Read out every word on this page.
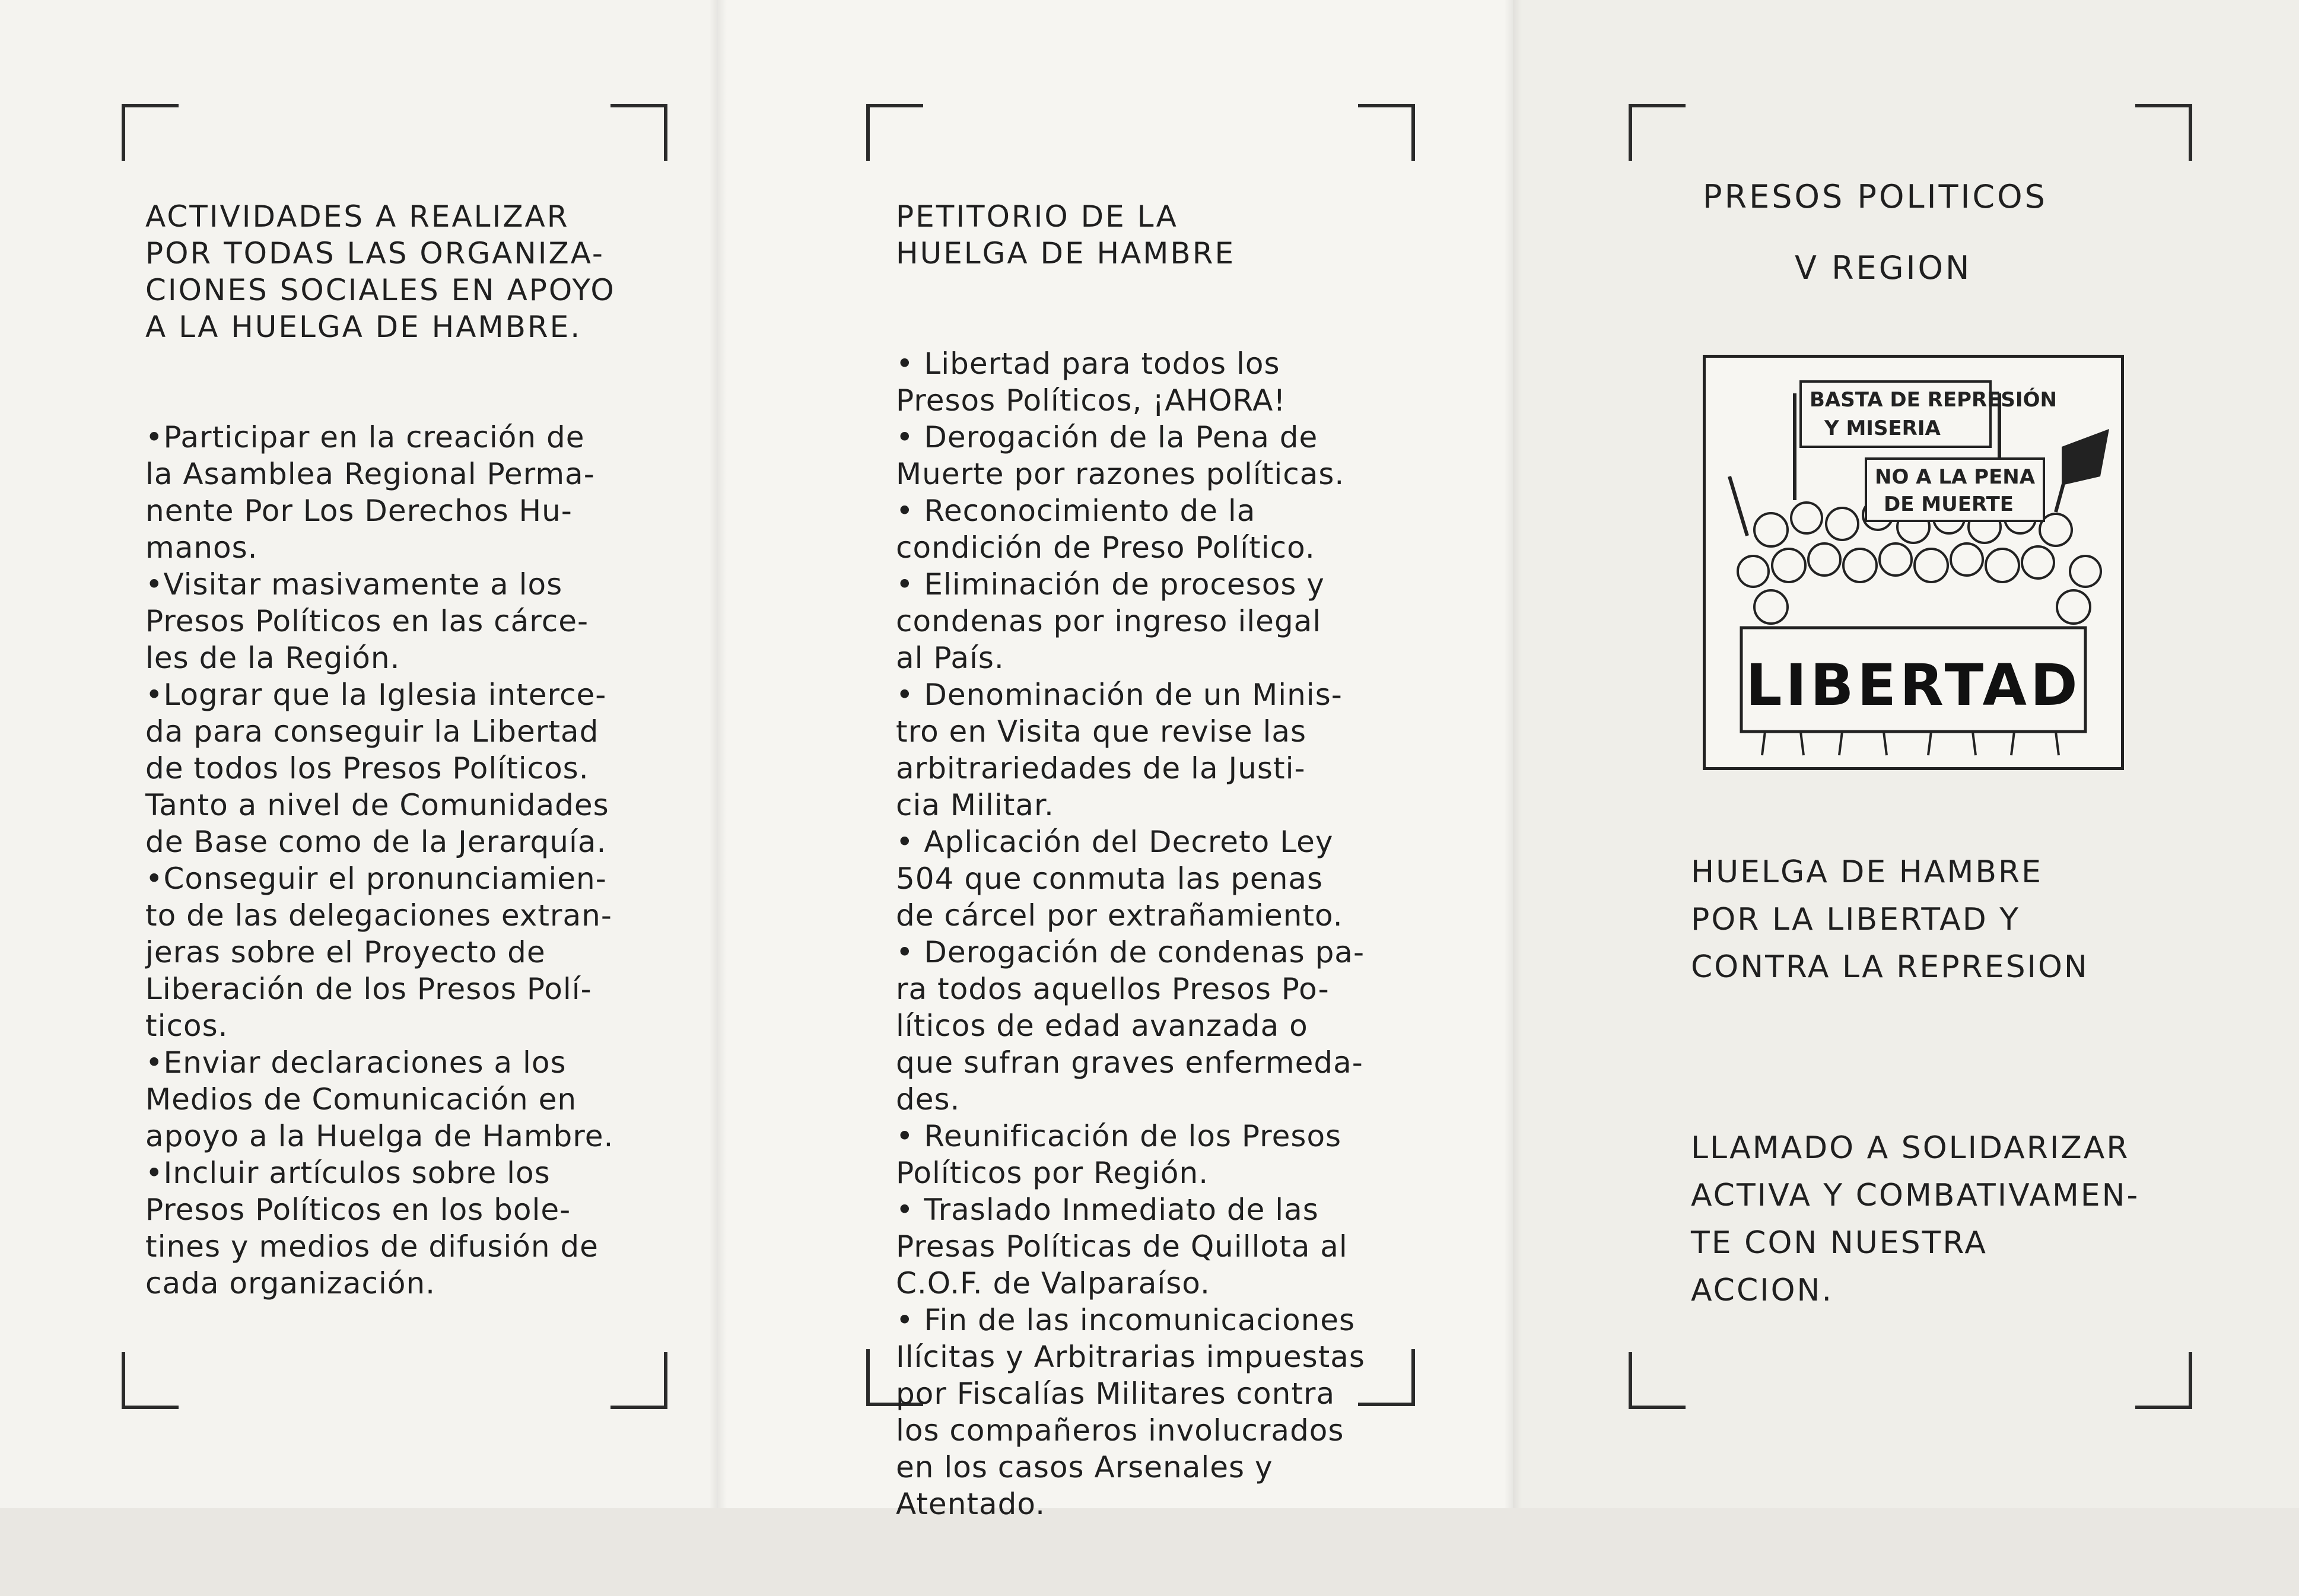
ACTIVIDADES A REALIZAR
POR TODAS LAS ORGANIZA-
CIONES SOCIALES EN APOYO
A LA HUELGA DE HAMBRE.

•Participar en la creación de
la Asamblea Regional Perma-
nente Por Los Derechos Hu-
manos.
•Visitar masivamente a los
Presos Políticos en las cárce-
les de la Región.
•Lograr que la Iglesia interce-
da para conseguir la Libertad
de todos los Presos Políticos.
Tanto a nivel de Comunidades
de Base como de la Jerarquía.
•Conseguir el pronunciamien-
to de las delegaciones extran-
jeras sobre el Proyecto de
Liberación de los Presos Polí-
ticos.
•Enviar declaraciones a los
Medios de Comunicación en
apoyo a la Huelga de Hambre.
•Incluir artículos sobre los
Presos Políticos en los bole-
tines y medios de difusión de
cada organización.

PETITORIO DE LA
HUELGA DE HAMBRE

• Libertad para todos los
Presos Políticos, ¡AHORA!
• Derogación de la Pena de
Muerte por razones políticas.
• Reconocimiento de la
condición de Preso Político.
• Eliminación de procesos y
condenas por ingreso ilegal
al País.
• Denominación de un Minis-
tro en Visita que revise las
arbitrariedades de la Justi-
cia Militar.
• Aplicación del Decreto Ley
504 que conmuta las penas
de cárcel por extrañamiento.
• Derogación de condenas pa-
ra todos aquellos Presos Po-
líticos de edad avanzada o
que sufran graves enfermeda-
des.
• Reunificación de los Presos
Políticos por Región.
• Traslado Inmediato de las
Presas Políticas de Quillota al
C.O.F. de Valparaíso.
• Fin de las incomunicaciones
Ilícitas y Arbitrarias impuestas
por Fiscalías Militares contra
los compañeros involucrados
en los casos Arsenales y
Atentado.

PRESOS POLITICOS
V REGION
BASTA DE REPRESIÓN
Y MISERIA
NO A LA PENA
DE MUERTE
LIBERTAD
HUELGA DE HAMBRE
POR LA LIBERTAD Y
CONTRA LA REPRESION
LLAMADO A SOLIDARIZAR
ACTIVA Y COMBATIVAMEN-
TE CON NUESTRA
ACCION.
